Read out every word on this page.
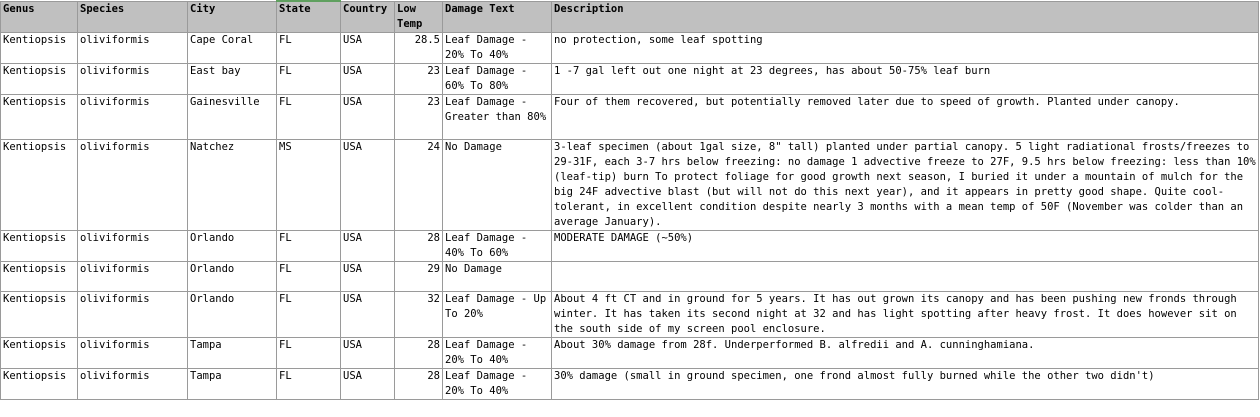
Genus	Species	City	State	Country	Low Temp	Damage Text	Description
Kentiopsis	oliviformis	Cape Coral	FL	USA	28.5	Leaf Damage - 20% To 40%	no protection, some leaf spotting
Kentiopsis	oliviformis	East bay	FL	USA	23	Leaf Damage - 60% To 80%	1 -7 gal left out one night at 23 degrees, has about 50-75% leaf burn
Kentiopsis	oliviformis	Gainesville	FL	USA	23	Leaf Damage - Greater than 80%	Four of them recovered, but potentially removed later due to speed of growth. Planted under canopy.
Kentiopsis	oliviformis	Natchez	MS	USA	24	No Damage	3-leaf specimen (about 1gal size, 8" tall) planted under partial canopy. 5 light radiational frosts/freezes to 29-31F, each 3-7 hrs below freezing: no damage 1 advective freeze to 27F, 9.5 hrs below freezing: less than 10% (leaf-tip) burn To protect foliage for good growth next season, I buried it under a mountain of mulch for the big 24F advective blast (but will not do this next year), and it appears in pretty good shape. Quite cool-tolerant, in excellent condition despite nearly 3 months with a mean temp of 50F (November was colder than an average January).
Kentiopsis	oliviformis	Orlando	FL	USA	28	Leaf Damage - 40% To 60%	MODERATE DAMAGE (~50%)
Kentiopsis	oliviformis	Orlando	FL	USA	29	No Damage	
Kentiopsis	oliviformis	Orlando	FL	USA	32	Leaf Damage - Up To 20%	About 4 ft CT and in ground for 5 years. It has out grown its canopy and has been pushing new fronds through winter. It has taken its second night at 32 and has light spotting after heavy frost. It does however sit on the south side of my screen pool enclosure.
Kentiopsis	oliviformis	Tampa	FL	USA	28	Leaf Damage - 20% To 40%	About 30% damage from 28f. Underperformed B. alfredii and A. cunninghamiana.
Kentiopsis	oliviformis	Tampa	FL	USA	28	Leaf Damage - 20% To 40%	30% damage (small in ground specimen, one frond almost fully burned while the other two didn't)
